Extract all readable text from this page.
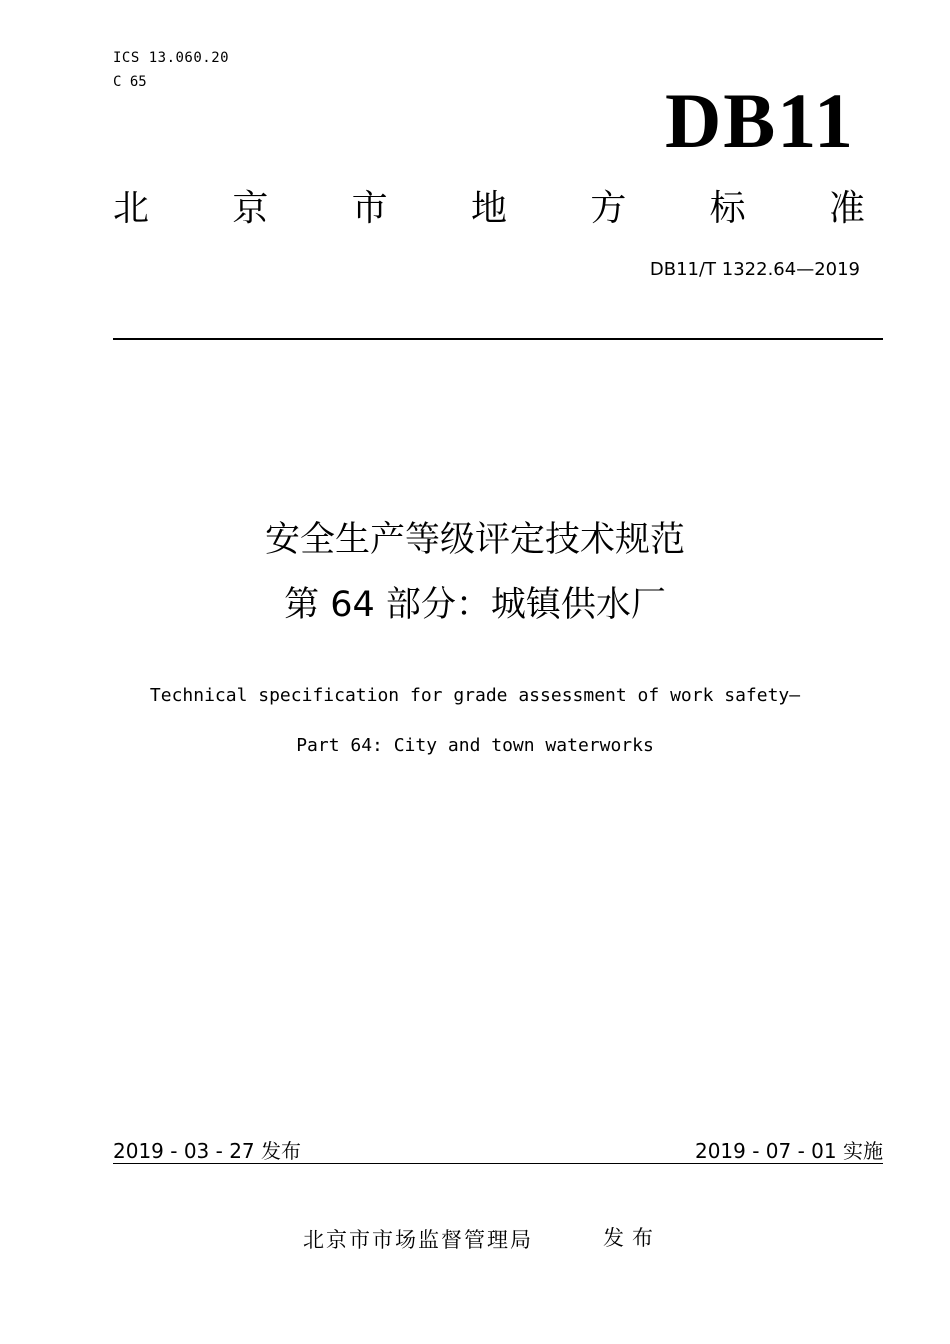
ICS 13.060.20
C 65	DB11
北 京 市 地 方 标 准
DB11/T 1322.64—2019
安全生产等级评定技术规范
第 64 部分：城镇供水厂
Technical specification for grade assessment of work safety—
Part 64: City and town waterworks
2019 - 03 - 27 发布	2019 - 07 - 01 实施
北京市市场监督管理局	发布
